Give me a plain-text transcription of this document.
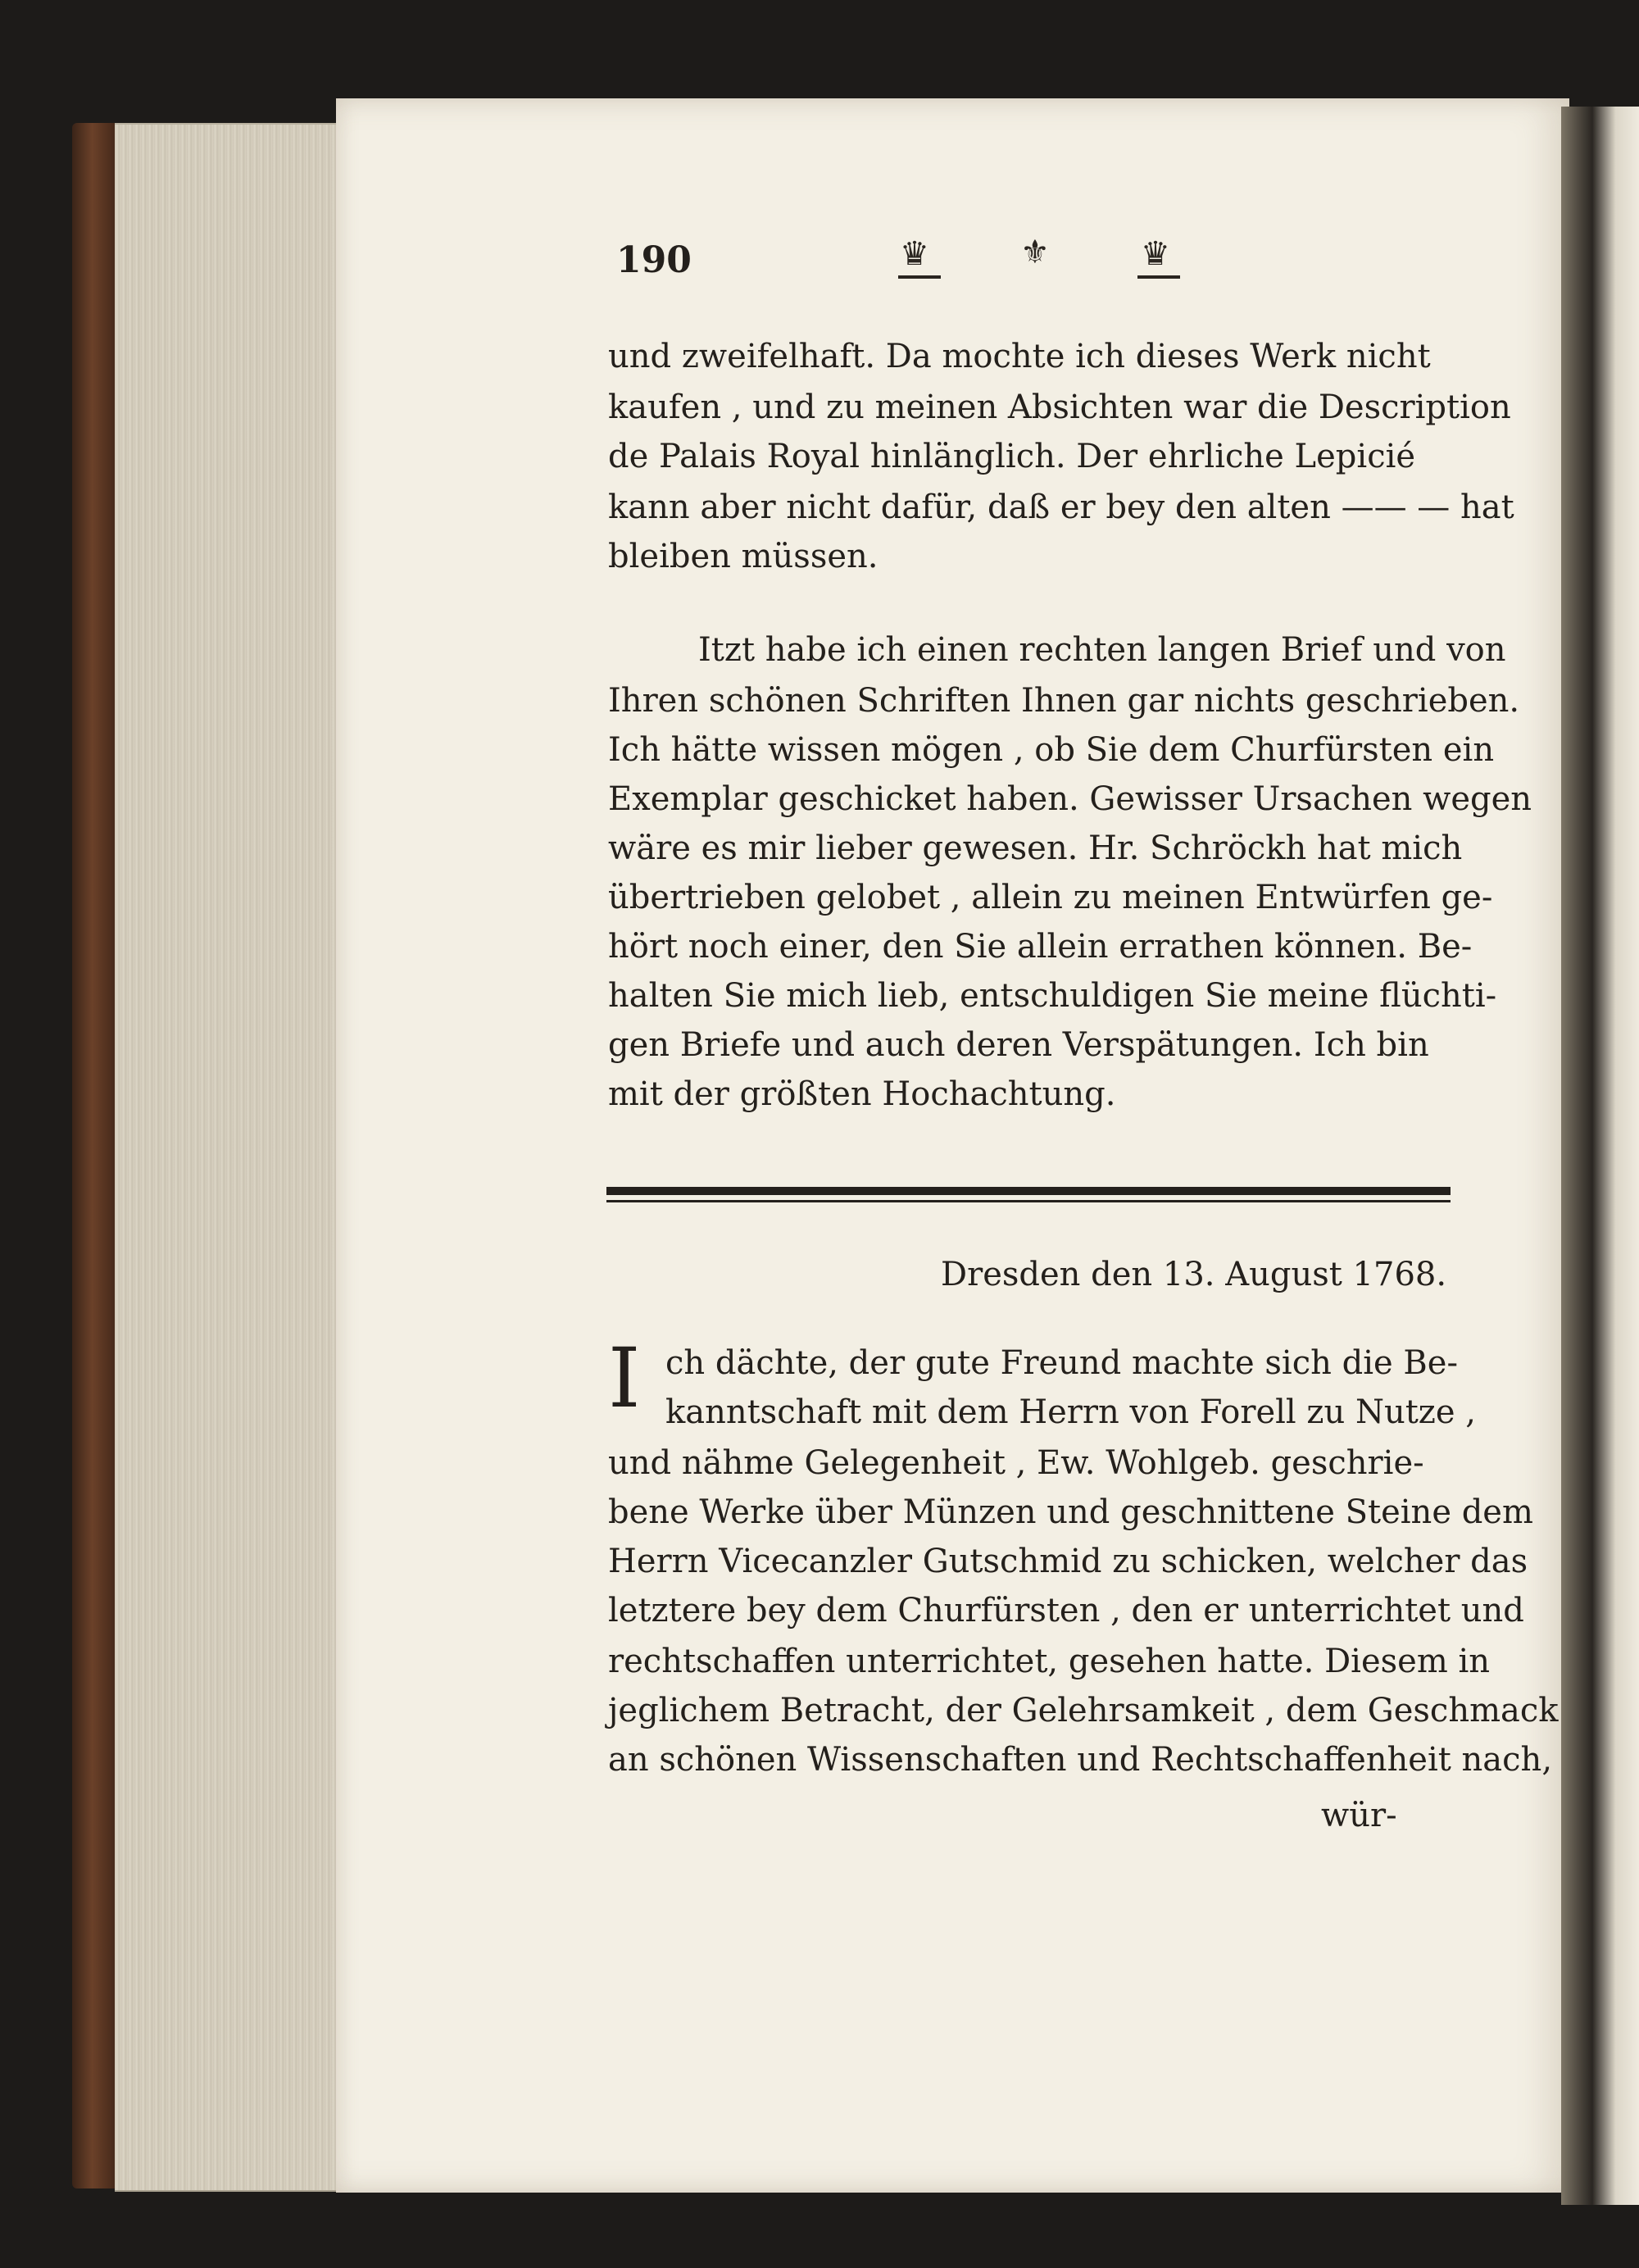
190	♛	⚜	♛
und zweifelhaft. Da mochte ich dieses Werk nicht
kaufen , und zu meinen Absichten war die Description
de Palais Royal hinlänglich. Der ehrliche Lepicié
kann aber nicht dafür, daß er bey den alten —— — hat
bleiben müssen.
Itzt habe ich einen rechten langen Brief und von
Ihren schönen Schriften Ihnen gar nichts geschrieben.
Ich hätte wissen mögen , ob Sie dem Churfürsten ein
Exemplar geschicket haben. Gewisser Ursachen wegen
wäre es mir lieber gewesen. Hr. Schröckh hat mich
übertrieben gelobet , allein zu meinen Entwürfen ge-
hört noch einer, den Sie allein errathen können. Be-
halten Sie mich lieb, entschuldigen Sie meine flüchti-
gen Briefe und auch deren Verspätungen. Ich bin
mit der größten Hochachtung.
Dresden den 13. August 1768.
I ch dächte, der gute Freund machte sich die Be-
kanntschaft mit dem Herrn von Forell zu Nutze ,
und nähme Gelegenheit , Ew. Wohlgeb. geschrie-
bene Werke über Münzen und geschnittene Steine dem
Herrn Vicecanzler Gutschmid zu schicken, welcher das
letztere bey dem Churfürsten , den er unterrichtet und
rechtschaffen unterrichtet, gesehen hatte. Diesem in
jeglichem Betracht, der Gelehrsamkeit , dem Geschmack
an schönen Wissenschaften und Rechtschaffenheit nach,
wür-
